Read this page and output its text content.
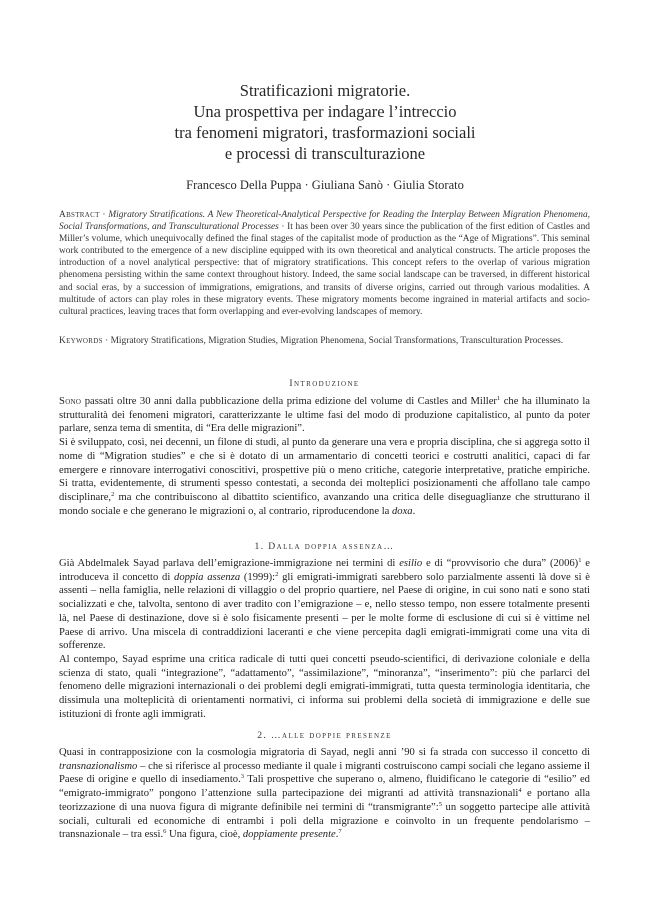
Stratificazioni migratorie.
Una prospettiva per indagare l’intreccio
tra fenomeni migratori, trasformazioni sociali
e processi di transculturazione
Francesco Della Puppa · Giuliana Sanò · Giulia Storato
Abstract · Migratory Stratifications. A New Theoretical-Analytical Perspective for Reading the Interplay Between Migration Phenomena, Social Transformations, and Transculturational Processes · It has been over 30 years since the publication of the first edition of Castles and Miller’s volume, which unequivocally defined the final stages of the capitalist mode of production as the “Age of Migrations”. This seminal work contributed to the emergence of a new discipline equipped with its own theoretical and analytical constructs. The article proposes the introduction of a novel analytical perspective: that of migratory stratifications. This concept refers to the overlap of various migration phenomena persisting within the same context throughout history. Indeed, the same social landscape can be traversed, in different historical and social eras, by a succession of immigrations, emigrations, and transits of diverse origins, carried out through various modalities. A multitude of actors can play roles in these migratory events. These migratory moments become ingrained in material artifacts and socio-cultural practices, leaving traces that form overlapping and ever-evolving landscapes of memory.
Keywords · Migratory Stratifications, Migration Studies, Migration Phenomena, Social Transformations, Transculturation Processes.
Introduzione

Sono passati oltre 30 anni dalla pubblicazione della prima edizione del volume di Castles and Miller$^1$ che ha illuminato la strutturalità dei fenomeni migratori, caratterizzante le ultime fasi del modo di produzione capitalistico, al punto da poter parlare, senza tema di smentita, di “Era delle migrazioni”.

Si è sviluppato, così, nei decenni, un filone di studi, al punto da generare una vera e propria disciplina, che si aggrega sotto il nome di “Migration studies” e che si è dotato di un armamentario di concetti teorici e costrutti analitici, capaci di far emergere e rinnovare interrogativi conoscitivi, prospettive più o meno critiche, categorie interpretative, pratiche empiriche. Si tratta, evidentemente, di strumenti spesso contestati, a seconda dei molteplici posizionamenti che affollano tale campo disciplinare,$^2$ ma che contribuiscono al dibattito scientifico, avanzando una critica delle diseguaglianze che strutturano il mondo sociale e che generano le migrazioni o, al contrario, riproducendone la doxa.

1. Dalla doppia assenza…

Già Abdelmalek Sayad parlava dell’emigrazione-immigrazione nei termini di esilio e di “provvisorio che dura” $(2006)^1$ e introduceva il concetto di doppia assenza (1999):$^2$ gli emigrati-immigrati sarebbero solo parzialmente assenti là dove si è assenti – nella famiglia, nelle relazioni di villaggio o del proprio quartiere, nel Paese di origine, in cui sono nati e sono stati socializzati e che, talvolta, sentono di aver tradito con l’emigrazione – e, nello stesso tempo, non essere totalmente presenti là, nel Paese di destinazione, dove si è solo fisicamente presenti – per le molte forme di esclusione di cui si è vittime nel Paese di arrivo. Una miscela di contraddizioni laceranti e che viene percepita dagli emigrati-immigrati come una vita di sofferenze.

Al contempo, Sayad esprime una critica radicale di tutti quei concetti pseudo-scientifici, di derivazione coloniale e della scienza di stato, quali “integrazione”, “adattamento”, “assimilazione”, “minoranza”, “inserimento”: più che parlarci del fenomeno delle migrazioni internazionali o dei problemi degli emigrati-immigrati, tutta questa terminologia identitaria, che dissimula una molteplicità di orientamenti normativi, ci informa sui problemi della società di immigrazione e delle sue istituzioni di fronte agli immigrati.

2. …alle doppie presenze

Quasi in contrapposizione con la cosmologia migratoria di Sayad, negli anni ’90 si fa strada con successo il concetto di transnazionalismo – che si riferisce al processo mediante il quale i migranti costruiscono campi sociali che legano assieme il Paese di origine e quello di insediamento.$^3$ Tali prospettive che superano o, almeno, fluidificano le categorie di “esilio” ed “emigrato-immigrato” pongono l’attenzione sulla partecipazione dei migranti ad attività transnazionali$^4$ e portano alla teorizzazione di una nuova figura di migrante definibile nei termini di “transmigrante”:$^5$ un soggetto partecipe alle attività sociali, culturali ed economiche di entrambi i poli della migrazione e coinvolto in un frequente pendolarismo – transnazionale – tra essi.$^6$ Una figura, cioè, doppiamente presente.$^7$
